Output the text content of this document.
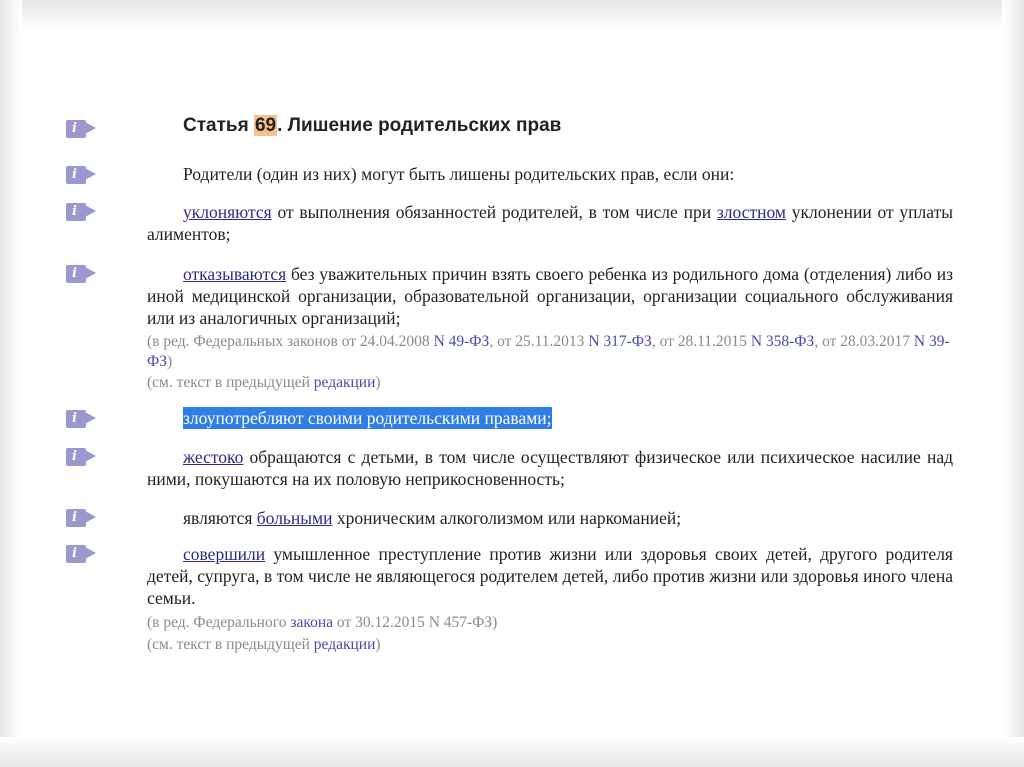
i
i
i
i
i
i
i
i
Статья 69. Лишение родительских прав

Родители (один из них) могут быть лишены родительских прав, если они:

уклоняются от выполнения обязанностей родителей, в том числе при злостном уклонении от уплаты алиментов;

отказываются без уважительных причин взять своего ребенка из родильного дома (отделения) либо из иной медицинской организации, образовательной организации, организации социального обслуживания или из аналогичных организаций;

(в ред. Федеральных законов от 24.04.2008 N 49-ФЗ, от 25.11.2013 N 317-ФЗ, от 28.11.2015 N 358-ФЗ, от 28.03.2017 N 39-ФЗ)

(см. текст в предыдущей редакции)

злоупотребляют своими родительскими правами;

жестоко обращаются с детьми, в том числе осуществляют физическое или психическое насилие над ними, покушаются на их половую неприкосновенность;

являются больными хроническим алкоголизмом или наркоманией;

совершили умышленное преступление против жизни или здоровья своих детей, другого родителя детей, супруга, в том числе не являющегося родителем детей, либо против жизни или здоровья иного члена семьи.

(в ред. Федерального закона от 30.12.2015 N 457-ФЗ)

(см. текст в предыдущей редакции)
